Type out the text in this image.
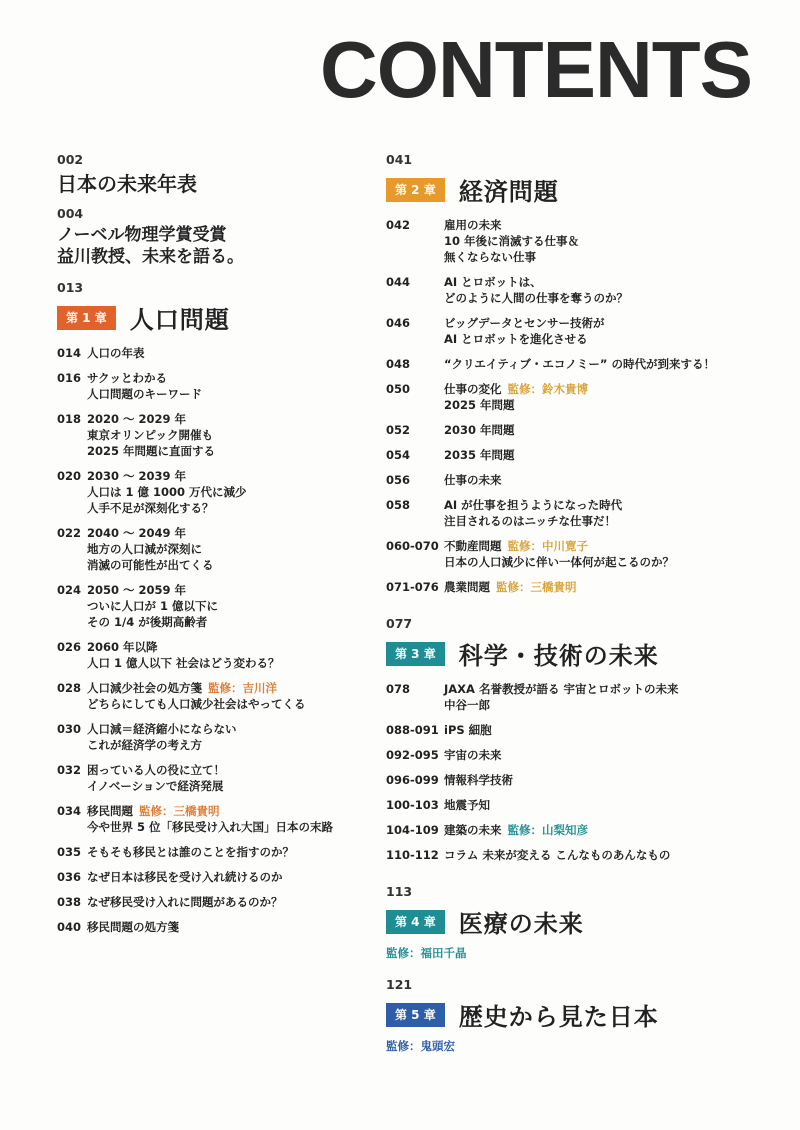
CONTENTS
002
日本の未来年表
004
ノーベル物理学賞受賞
益川教授、未来を語る。
013
第 1 章 人口問題
014 人口の年表
016 サクッとわかる
人口問題のキーワード
018 2020 ～ 2029 年
東京オリンピック開催も
2025 年問題に直面する
020 2030 ～ 2039 年
人口は 1 億 1000 万代に減少
人手不足が深刻化する？
022 2040 ～ 2049 年
地方の人口減が深刻に
消滅の可能性が出てくる
024 2050 ～ 2059 年
ついに人口が 1 億以下に
その 1/4 が後期高齢者
026 2060 年以降
人口 1 億人以下 社会はどう変わる？
028 人口減少社会の処方箋 監修：吉川洋
どちらにしても人口減少社会はやってくる
030 人口減＝経済縮小にならない
これが経済学の考え方
032 困っている人の役に立て！
イノベーションで経済発展
034 移民問題 監修：三橋貴明
今や世界 5 位「移民受け入れ大国」日本の末路
035 そもそも移民とは誰のことを指すのか？
036 なぜ日本は移民を受け入れ続けるのか
038 なぜ移民受け入れに問題があるのか？
040 移民問題の処方箋
041
第 2 章 経済問題
042	雇用の未来
10 年後に消滅する仕事＆
無くならない仕事
044	AI とロボットは、
どのように人間の仕事を奪うのか？
046	ビッグデータとセンサー技術が
AI とロボットを進化させる
048	“クリエイティブ・エコノミー” の時代が到来する！
050	仕事の変化 監修：鈴木貴博
2025 年問題
052	2030 年問題
054	2035 年問題
056	仕事の未来
058	AI が仕事を担うようになった時代
注目されるのはニッチな仕事だ！
060-070 不動産問題 監修：中川寛子
日本の人口減少に伴い一体何が起こるのか？
071-076 農業問題 監修：三橋貴明
077
第 3 章 科学・技術の未来
078	JAXA 名誉教授が語る 宇宙とロボットの未来
中谷一郎
088-091 iPS 細胞
092-095 宇宙の未来
096-099 情報科学技術
100-103 地震予知
104-109 建築の未来 監修：山梨知彦
110-112 コラム 未来が変える こんなものあんなもの
113
第 4 章 医療の未来
監修：福田千晶
121
第 5 章 歴史から見た日本
監修：鬼頭宏
